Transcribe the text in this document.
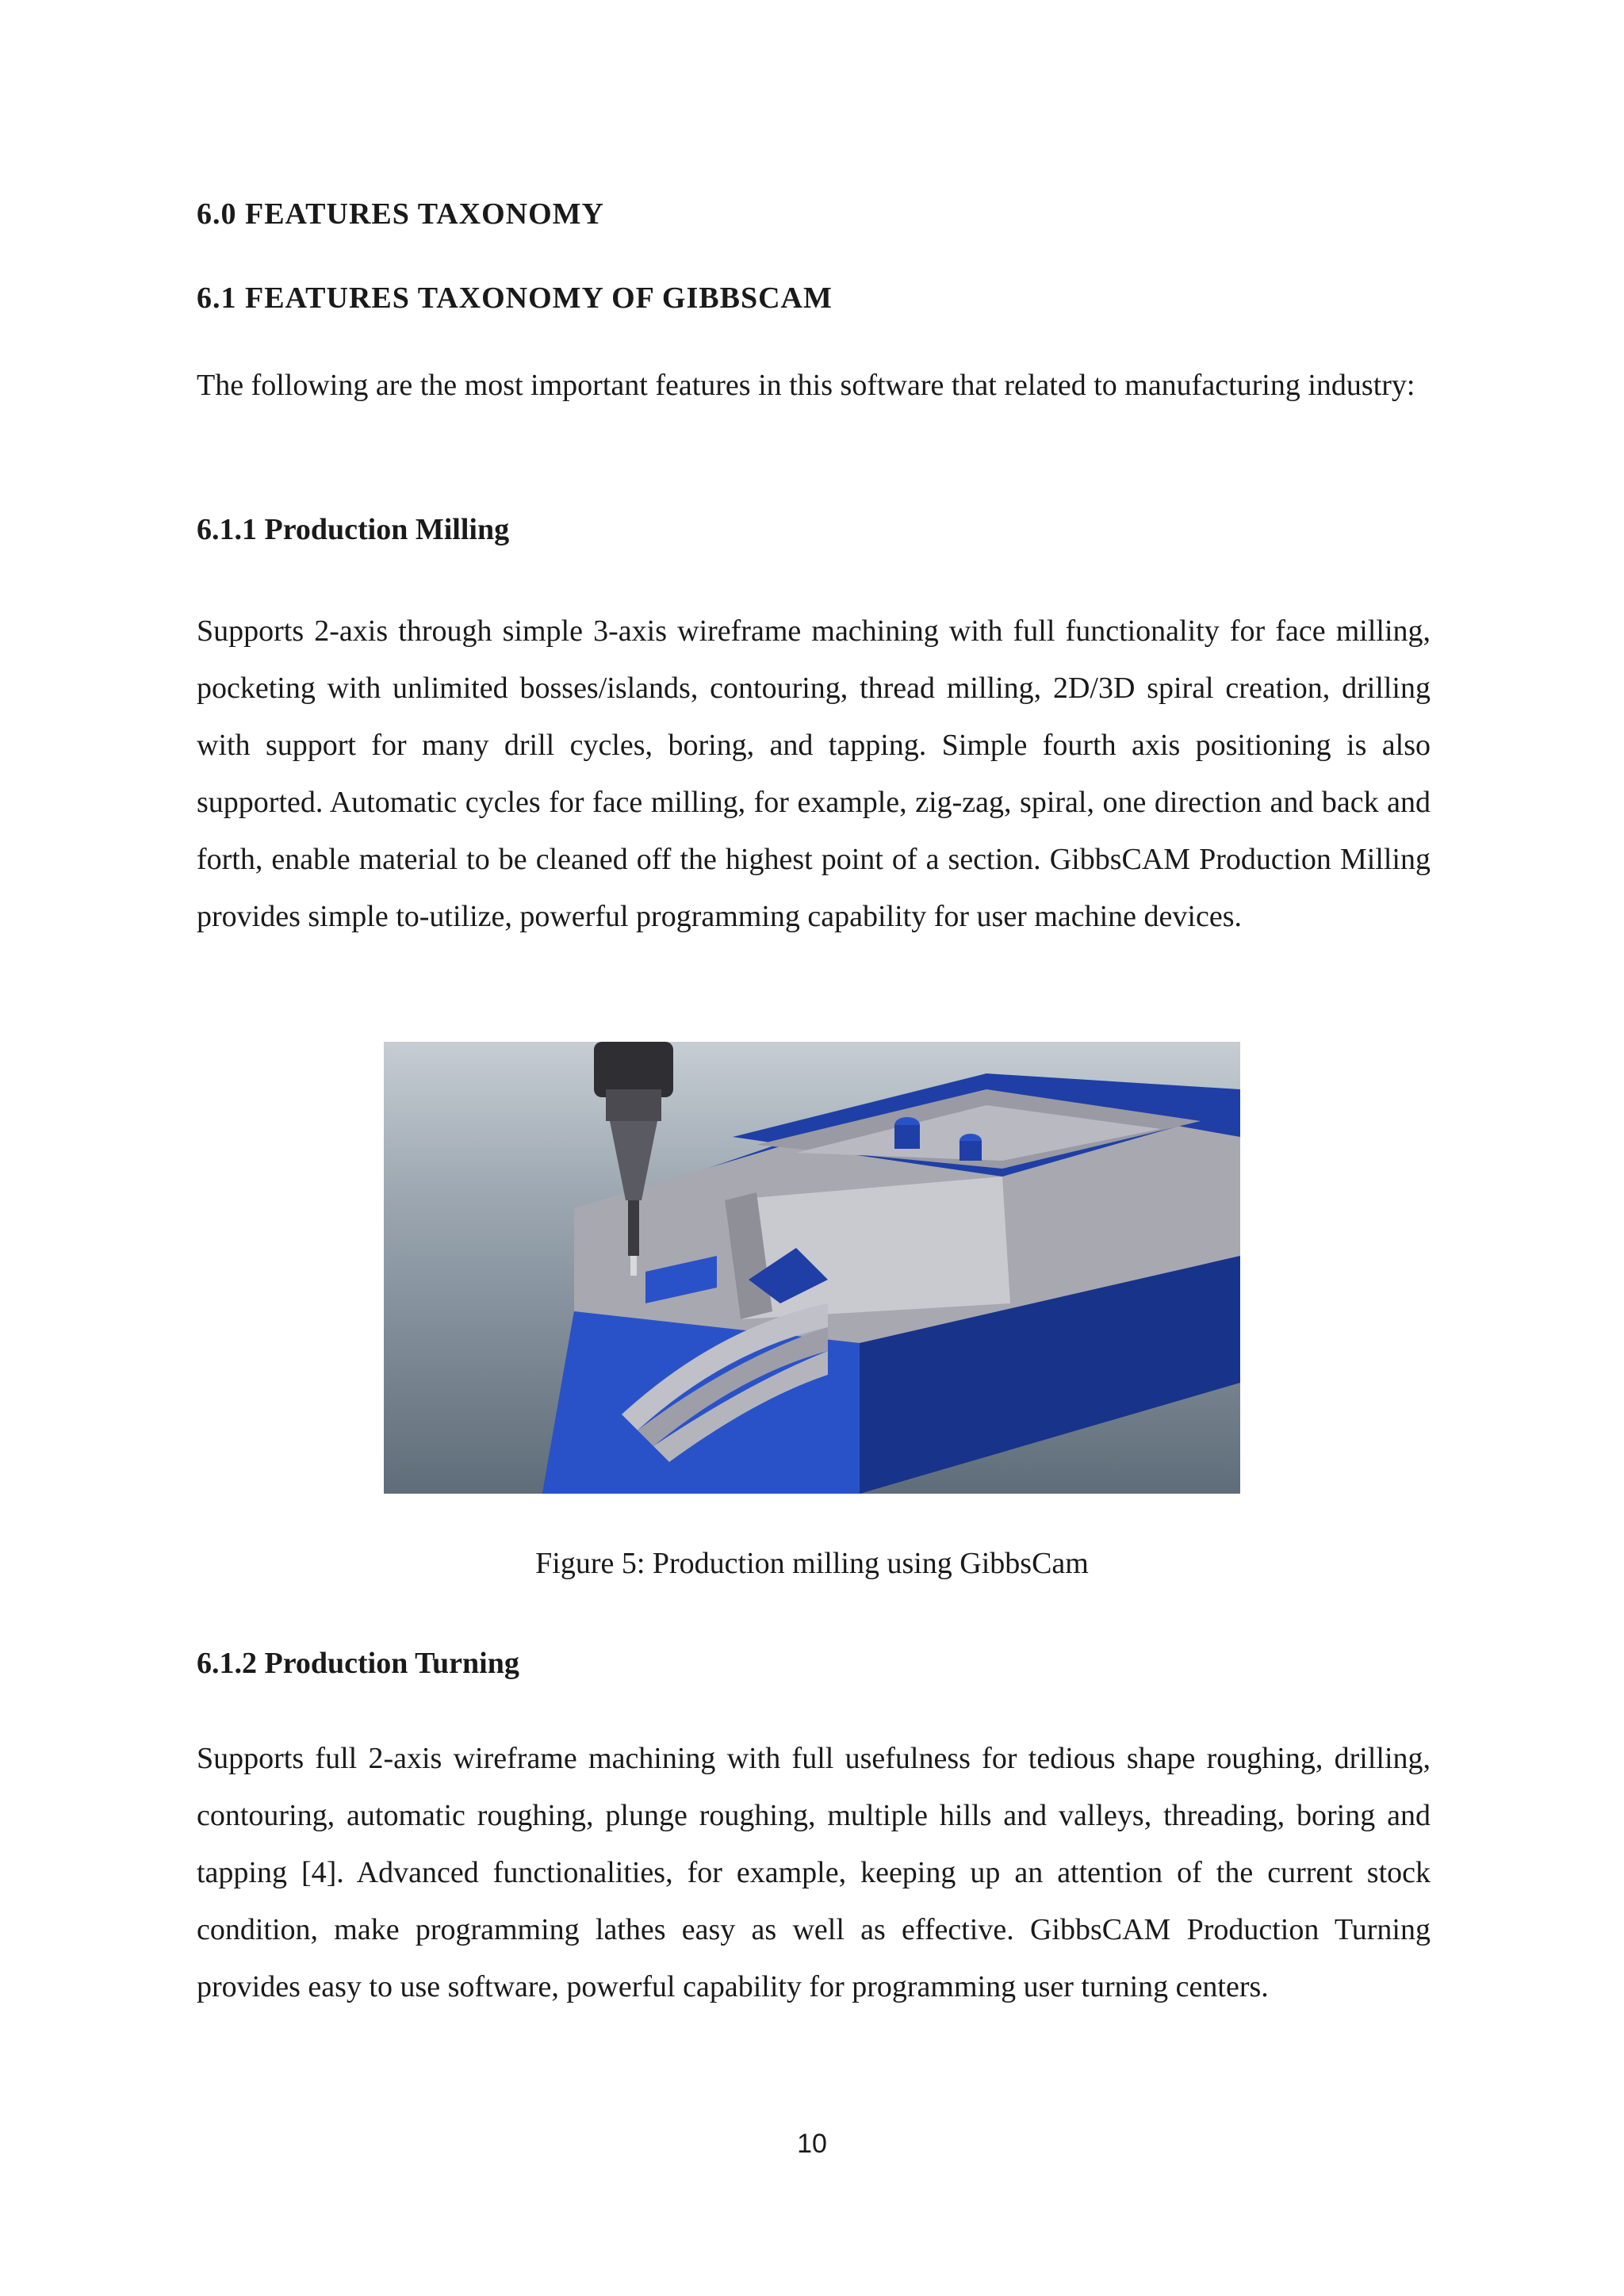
6.0 FEATURES TAXONOMY
6.1 FEATURES TAXONOMY OF GIBBSCAM

The following are the most important features in this software that related to manufacturing industry:

6.1.1 Production Milling

Supports 2-axis through simple 3-axis wireframe machining with full functionality for face milling, pocketing with unlimited bosses/islands, contouring, thread milling, 2D/3D spiral creation, drilling with support for many drill cycles, boring, and tapping. Simple fourth axis positioning is also supported. Automatic cycles for face milling, for example, zig-zag, spiral, one direction and back and forth, enable material to be cleaned off the highest point of a section. GibbsCAM Production Milling provides simple to-utilize, powerful programming capability for user machine devices.

Figure 5: Production milling using GibbsCam
6.1.2 Production Turning

Supports full 2-axis wireframe machining with full usefulness for tedious shape roughing, drilling, contouring, automatic roughing, plunge roughing, multiple hills and valleys, threading, boring and tapping [4]. Advanced functionalities, for example, keeping up an attention of the current stock condition, make programming lathes easy as well as effective. GibbsCAM Production Turning provides easy to use software, powerful capability for programming user turning centers.

10
